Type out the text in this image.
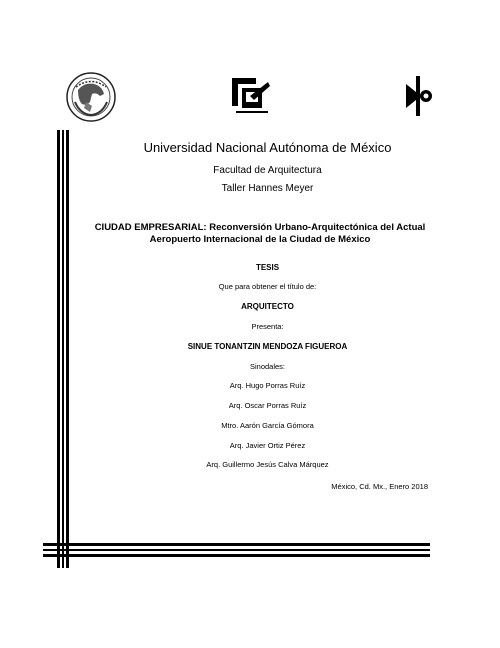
Universidad Nacional Autónoma de México
Facultad de Arquitectura
Taller Hannes Meyer
CIUDAD EMPRESARIAL: Reconversión Urbano-Arquitectónica del Actual Aeropuerto Internacional de la Ciudad de México
TESIS
Que para obtener el título de:
ARQUITECTO
Presenta:
SINUE TONANTZIN MENDOZA FIGUEROA
Sinodales:
Arq. Hugo Porras Ruíz
Arq. Oscar Porras Ruíz
Mtro. Aarón García Gómora
Arq. Javier Ortiz Pérez
Arq. Guillermo Jesús Calva Márquez
México, Cd. Mx., Enero 2018
